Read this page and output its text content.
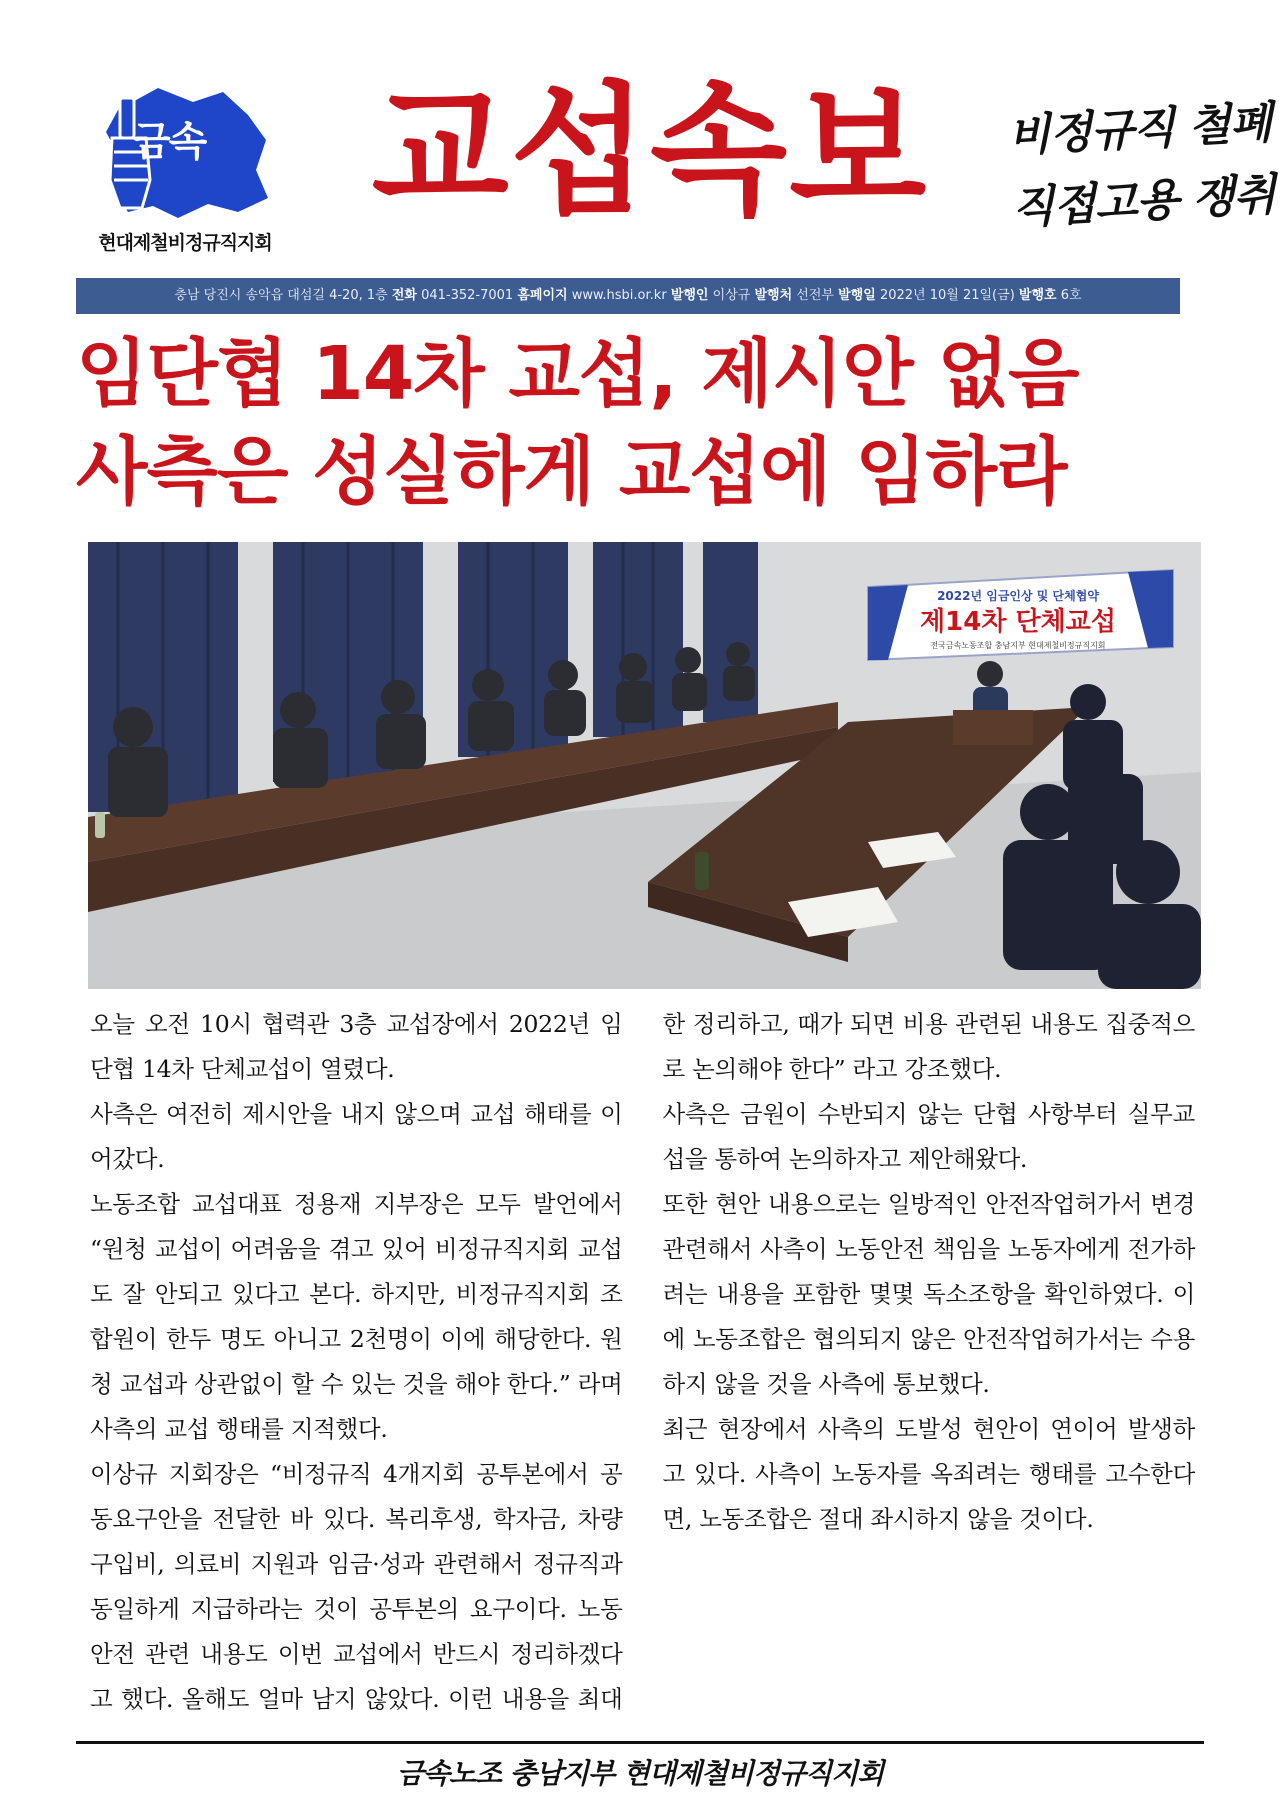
금속
현대제철비정규직지회
교섭속보	비정규직 철폐
직접고용 쟁취
충남 당진시 송악읍 대섬길 4-20, 1층 전화 041-352-7001 홈페이지 www.hsbi.or.kr 발행인 이상규 발행처 선전부 발행일 2022년 10월 21일(금) 발행호 6호
임단협 14차 교섭, 제시안 없음
사측은 성실하게 교섭에 임하라
2022년 임금인상 및 단체협약
제14차 단체교섭
전국금속노동조합 충남지부 현대제철비정규직지회

오늘 오전 10시 협력관 3층 교섭장에서 2022년 임단협 14차 단체교섭이 열렸다.

사측은 여전히 제시안을 내지 않으며 교섭 해태를 이어갔다.

노동조합 교섭대표 정용재 지부장은 모두 발언에서 “원청 교섭이 어려움을 겪고 있어 비정규직지회 교섭도 잘 안되고 있다고 본다. 하지만, 비정규직지회 조합원이 한두 명도 아니고 2천명이 이에 해당한다. 원청 교섭과 상관없이 할 수 있는 것을 해야 한다.” 라며 사측의 교섭 행태를 지적했다.

이상규 지회장은 “비정규직 4개지회 공투본에서 공동요구안을 전달한 바 있다. 복리후생, 학자금, 차량구입비, 의료비 지원과 임금·성과 관련해서 정규직과 동일하게 지급하라는 것이 공투본의 요구이다. 노동안전 관련 내용도 이번 교섭에서 반드시 정리하겠다고 했다. 올해도 얼마 남지 않았다. 이런 내용을 최대한 정리하고, 때가 되면 비용 관련된 내용도 집중적으로 논의해야 한다” 라고 강조했다.

사측은 금원이 수반되지 않는 단협 사항부터 실무교섭을 통하여 논의하자고 제안해왔다.

또한 현안 내용으로는 일방적인 안전작업허가서 변경 관련해서 사측이 노동안전 책임을 노동자에게 전가하려는 내용을 포함한 몇몇 독소조항을 확인하였다. 이에 노동조합은 협의되지 않은 안전작업허가서는 수용하지 않을 것을 사측에 통보했다.

최근 현장에서 사측의 도발성 현안이 연이어 발생하고 있다. 사측이 노동자를 옥죄려는 행태를 고수한다면, 노동조합은 절대 좌시하지 않을 것이다.

금속노조 충남지부 현대제철비정규직지회
